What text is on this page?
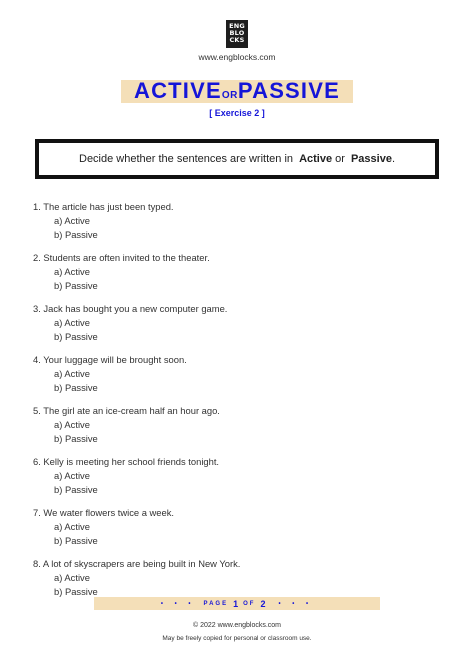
ENG
BLO
CKS
www.engblocks.com
ACTIVEORPASSIVE
[ Exercise 2 ]
Decide whether the sentences are written in
Active or
Passive .
1. The article has just been typed.
a) Active
b) Passive
2. Students are often invited to the theater.
a) Active
b) Passive
3. Jack has bought you a new computer game.
a) Active
b) Passive
4. Your luggage will be brought soon.
a) Active
b) Passive
5. The girl ate an ice-cream half an hour ago.
a) Active
b) Passive
6. Kelly is meeting her school friends tonight.
a) Active
b) Passive
7. We water flowers twice a week.
a) Active
b) Passive
8. A lot of skyscrapers are being built in New York.
a) Active
b) Passive
• • • PAGE 1 OF 2 • • •
© 2022 www.engblocks.com
May be freely copied for personal or classroom use.
